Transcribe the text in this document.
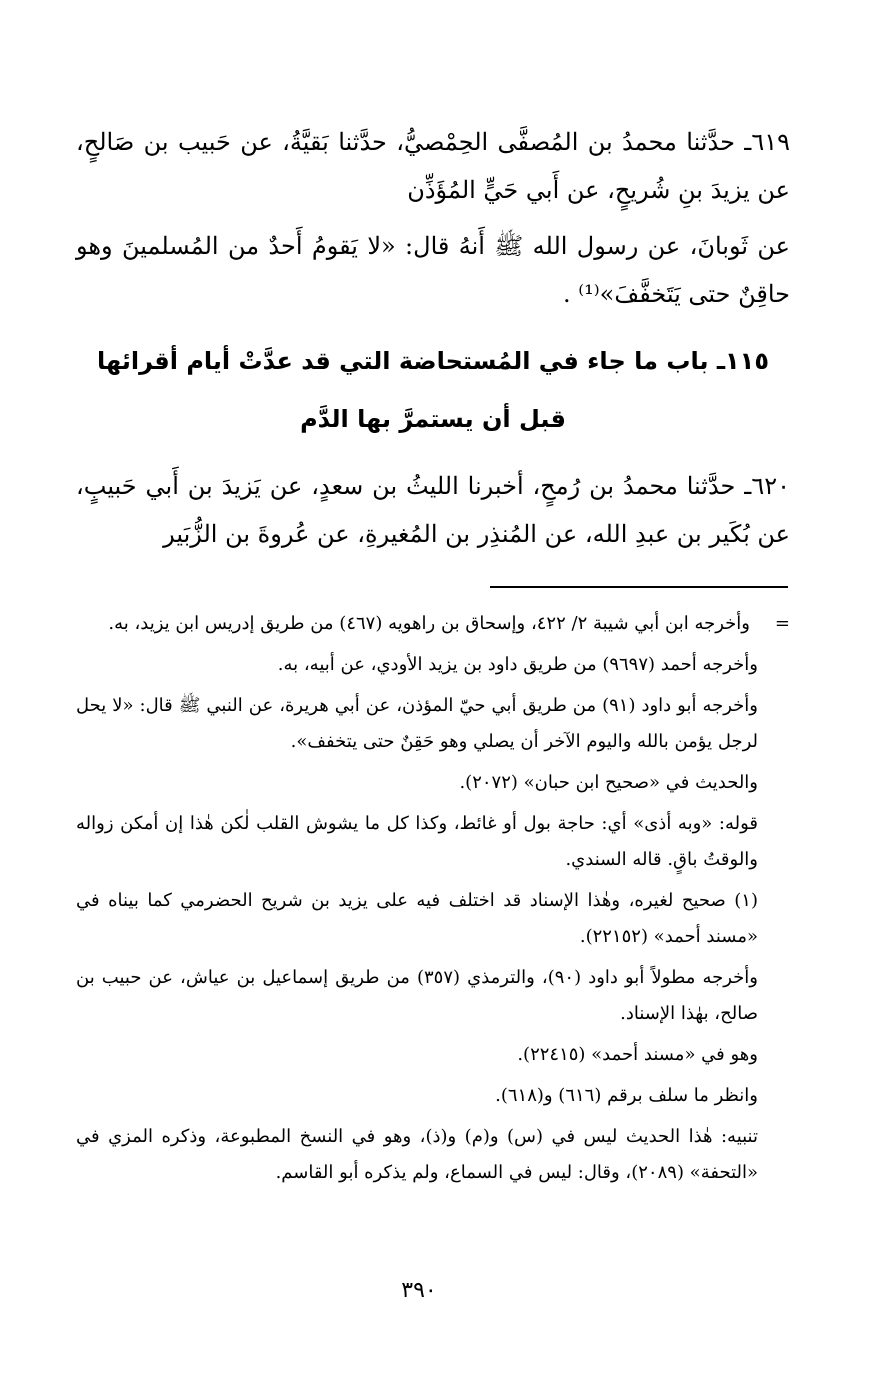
٦١٩ـ حدَّثنا محمدُ بن المُصفَّى الحِمْصيُّ، حدَّثنا بَقيَّةُ، عن حَبيب بن صَالحٍ، عن يزيدَ بنِ شُريحٍ، عن أَبي حَيٍّ المُؤَذِّن

عن ثَوبانَ، عن رسول الله ﷺ أَنهُ قال: «لا يَقومُ أَحدٌ من المُسلمينَ وهو حاقِنٌ حتى يَتَخفَّفَ»⁽¹⁾ .

١١٥ـ باب ما جاء في المُستحاضة التي قد عدَّتْ أيام أقرائها
قبل أن يستمرَّ بها الدَّم

٦٢٠ـ حدَّثنا محمدُ بن رُمحٍ، أخبرنا الليثُ بن سعدٍ، عن يَزيدَ بن أَبي حَبيبٍ، عن بُكَير بن عبدِ الله، عن المُنذِر بن المُغيرةِ، عن عُروةَ بن الزُّبَير

=
وأخرجه ابن أبي شيبة ٢/ ٤٢٢، وإسحاق بن راهويه (٤٦٧) من طريق إدريس ابن يزيد، به.
وأخرجه أحمد (٩٦٩٧) من طريق داود بن يزيد الأودي، عن أبيه، به.
وأخرجه أبو داود (٩١) من طريق أبي حيّ المؤذن، عن أبي هريرة، عن النبي ﷺ قال: «لا يحل لرجل يؤمن بالله واليوم الآخر أن يصلي وهو حَقِنٌ حتى يتخفف».
والحديث في «صحيح ابن حبان» (٢٠٧٢).
قوله: «وبه أذى» أي: حاجة بول أو غائط، وكذا كل ما يشوش القلب لٰكن هٰذا إن أمكن زواله والوقتُ باقٍ. قاله السندي.
(١) صحيح لغيره، وهٰذا الإسناد قد اختلف فيه على يزيد بن شريح الحضرمي كما بيناه في «مسند أحمد» (٢٢١٥٢).
وأخرجه مطولاً أبو داود (٩٠)، والترمذي (٣٥٧) من طريق إسماعيل بن عياش، عن حبيب بن صالح، بهٰذا الإسناد.
وهو في «مسند أحمد» (٢٢٤١٥).
وانظر ما سلف برقم (٦١٦) و(٦١٨).
تنبيه: هٰذا الحديث ليس في (س) و(م) و(ذ)، وهو في النسخ المطبوعة، وذكره المزي في «التحفة» (٢٠٨٩)، وقال: ليس في السماع، ولم يذكره أبو القاسم.
٣٩٠
